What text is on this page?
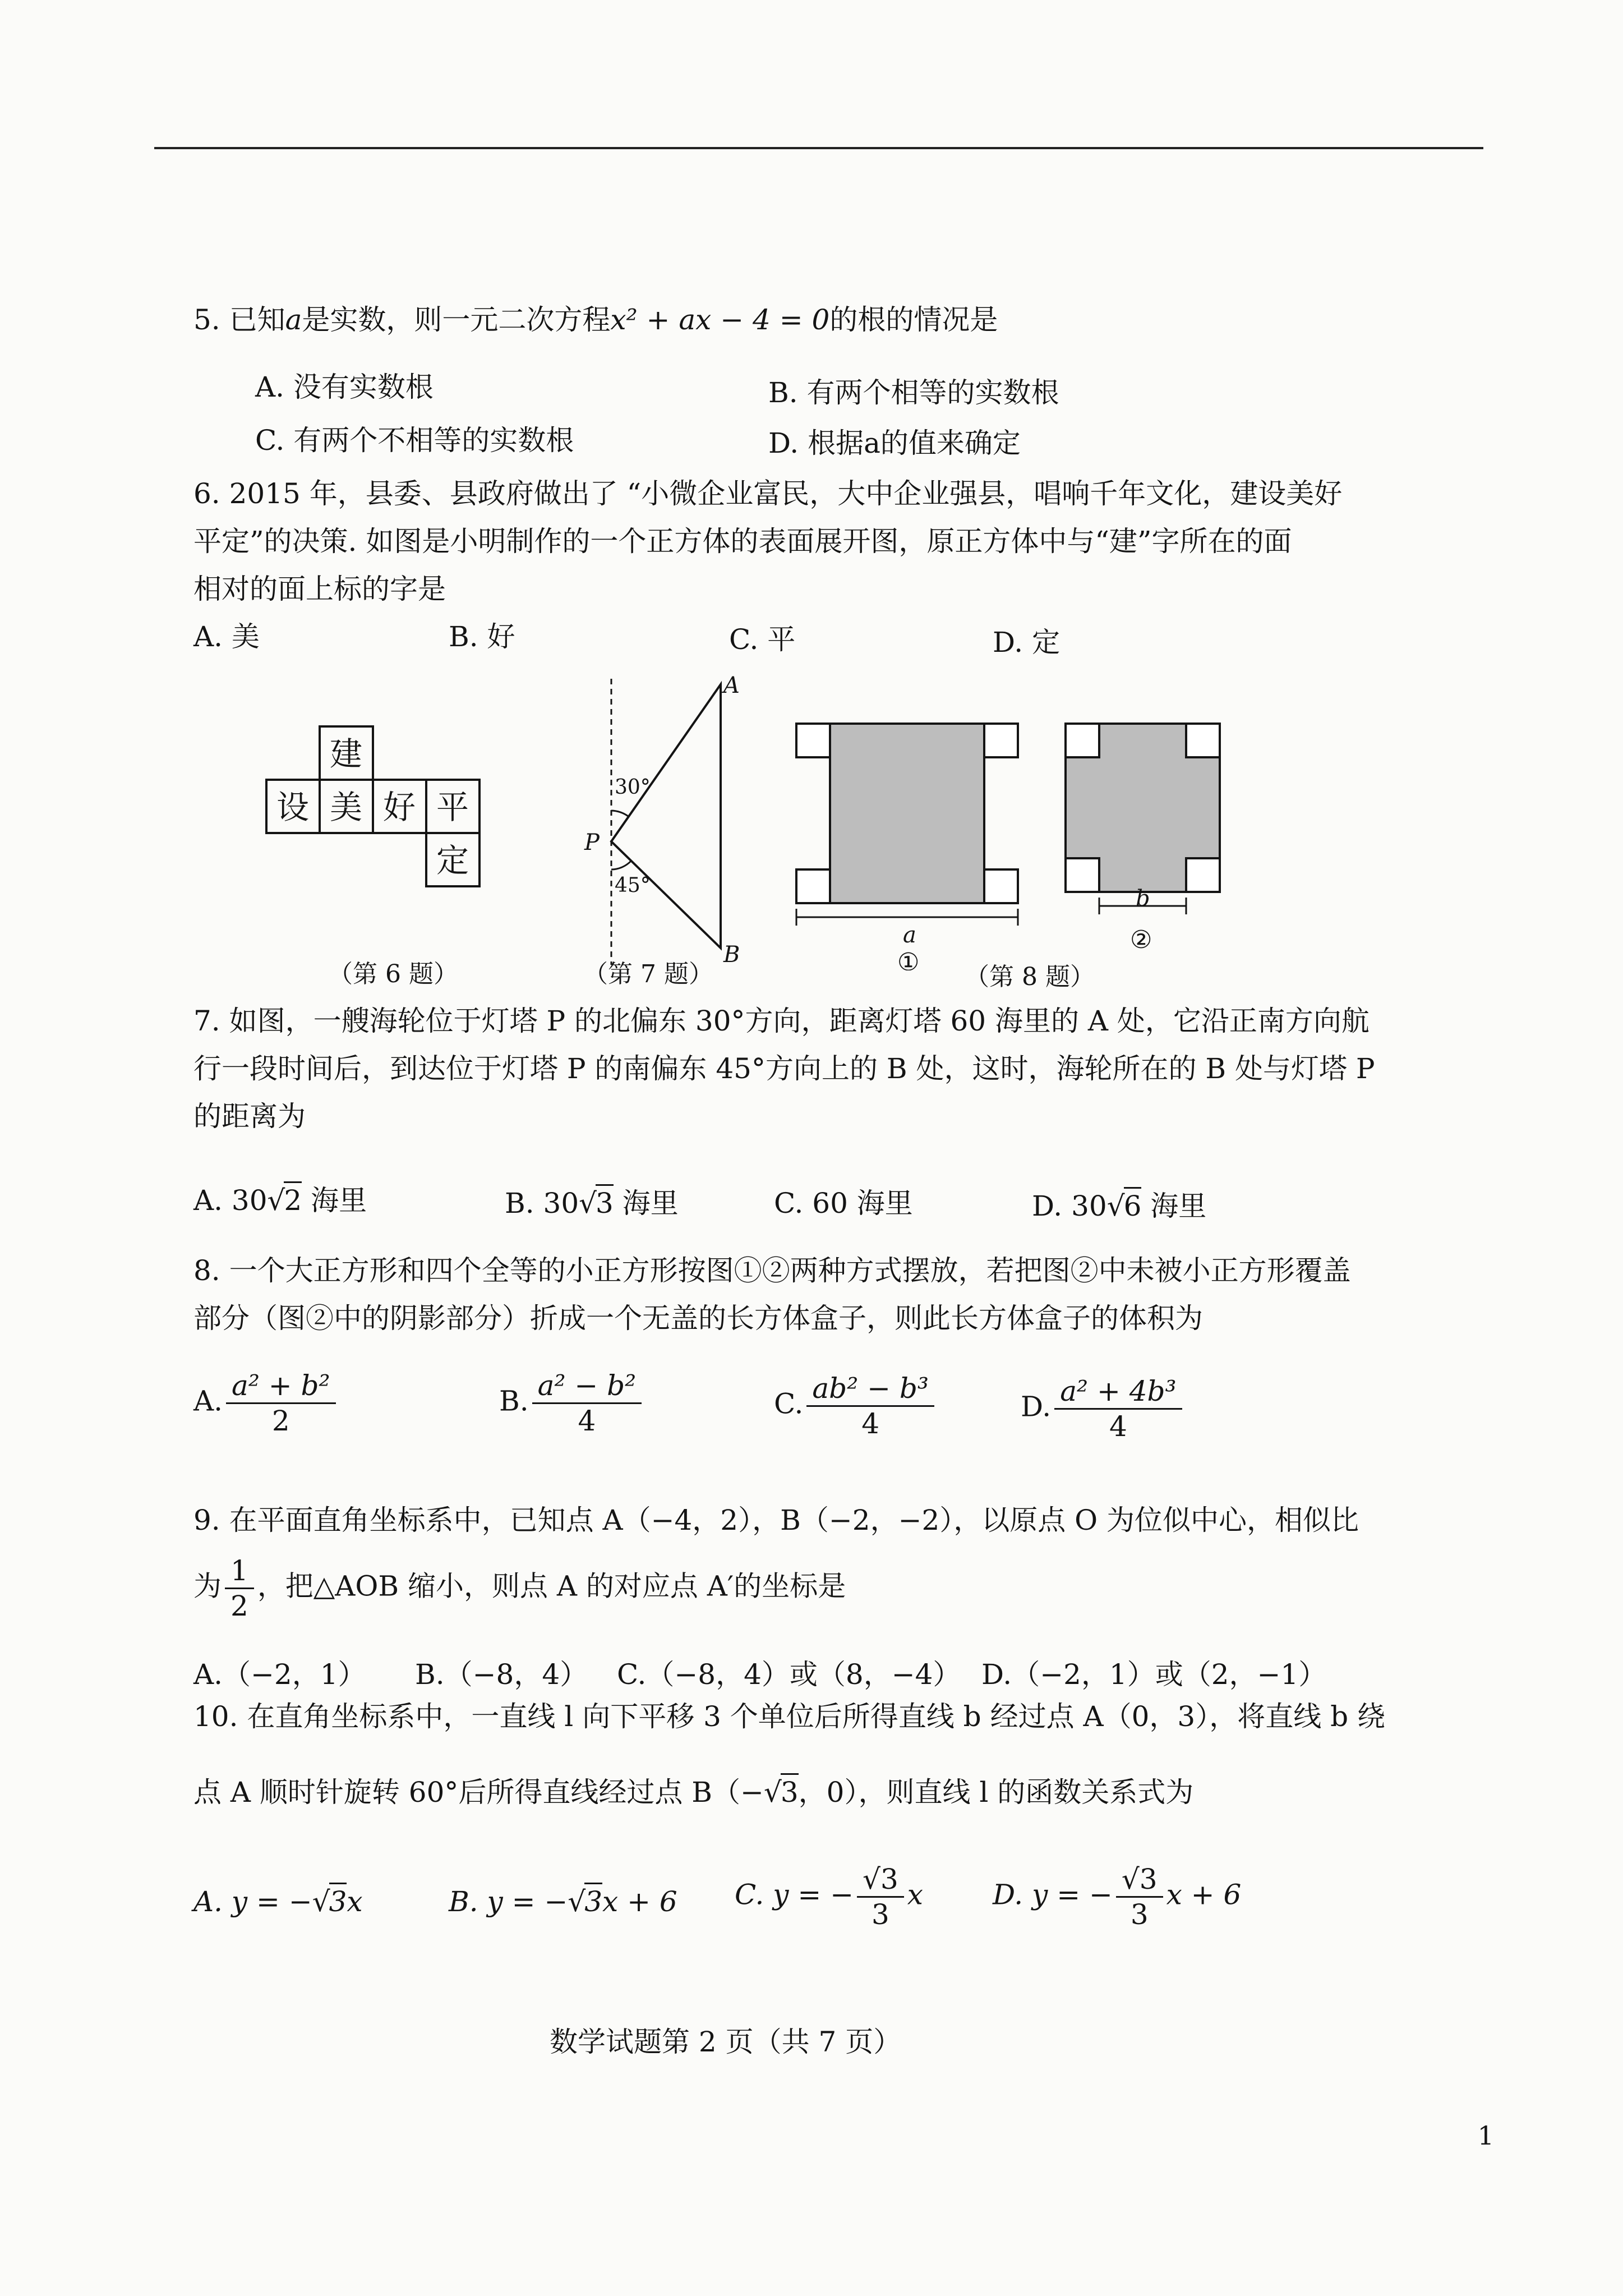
5. 已知a是实数，则一元二次方程x² + ax − 4 = 0的根的情况是
A. 没有实数根	B. 有两个相等的实数根
C. 有两个不相等的实数根	D. 根据a的值来确定
6. 2015 年，县委、县政府做出了 “小微企业富民，大中企业强县，唱响千年文化，建设美好
平定”的决策. 如图是小明制作的一个正方体的表面展开图，原正方体中与“建”字所在的面
相对的面上标的字是
A. 美	B. 好	C. 平	D. 定
建
设 美 好 平
定
（第 6 题）
A
P
B
30°
45°
（第 7 题）
a
①
b
②
（第 8 题）
7. 如图，一艘海轮位于灯塔 P 的北偏东 30°方向，距离灯塔 60 海里的 A 处，它沿正南方向航
行一段时间后，到达位于灯塔 P 的南偏东 45°方向上的 B 处，这时，海轮所在的 B 处与灯塔 P
的距离为
A. 30√2 海里	B. 30√3 海里	C. 60 海里	D. 30√6 海里
8. 一个大正方形和四个全等的小正方形按图①②两种方式摆放，若把图②中未被小正方形覆盖
部分（图②中的阴影部分）折成一个无盖的长方体盒子，则此长方体盒子的体积为
A. $\frac{\text{a² + b²}}{2}$	B. $\frac{\text{a² − b²}}{4}$	C. $\frac{\text{ab² − b³}}{4}$	D. $\frac{\text{a² + 4b³}}{4}$
9. 在平面直角坐标系中，已知点 A（−4，2），B（−2，−2），以原点 O 为位似中心，相似比
为 $\frac{1}{2}$ ，把△AOB 缩小，则点 A 的对应点 A′的坐标是
A.（−2，1） B.（−8，4） C.（−8，4）或（8，−4） D.（−2，1）或（2，−1）
10. 在直角坐标系中，一直线 l 向下平移 3 个单位后所得直线 b 经过点 A（0，3），将直线 b 绕
点 A 顺时针旋转 60°后所得直线经过点 B（−√3，0），则直线 l 的函数关系式为
A. y = −√3x	B. y = −√3x + 6 C. y = − $\frac{√3}{3}$ x D. y = − $\frac{√3}{3}$ x + 6
数学试题第 2 页（共 7 页）
1
